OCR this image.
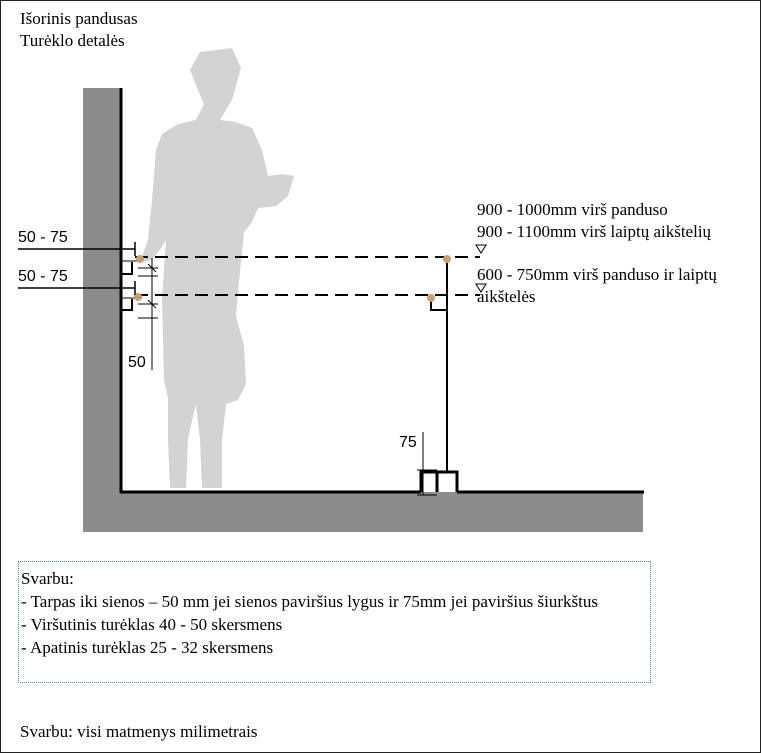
Išorinis pandusas
Turėklo detalės
50 - 75
50 - 75
50
75
900 - 1000mm virš panduso
900 - 1100mm virš laiptų aikštelių
600 - 750mm virš panduso ir laiptų
aikštelės
Svarbu:
- Tarpas iki sienos – 50 mm jei sienos paviršius lygus ir 75mm jei paviršius šiurkštus
- Viršutinis turėklas 40 - 50 skersmens
- Apatinis turėklas 25 - 32 skersmens
Svarbu: visi matmenys milimetrais
